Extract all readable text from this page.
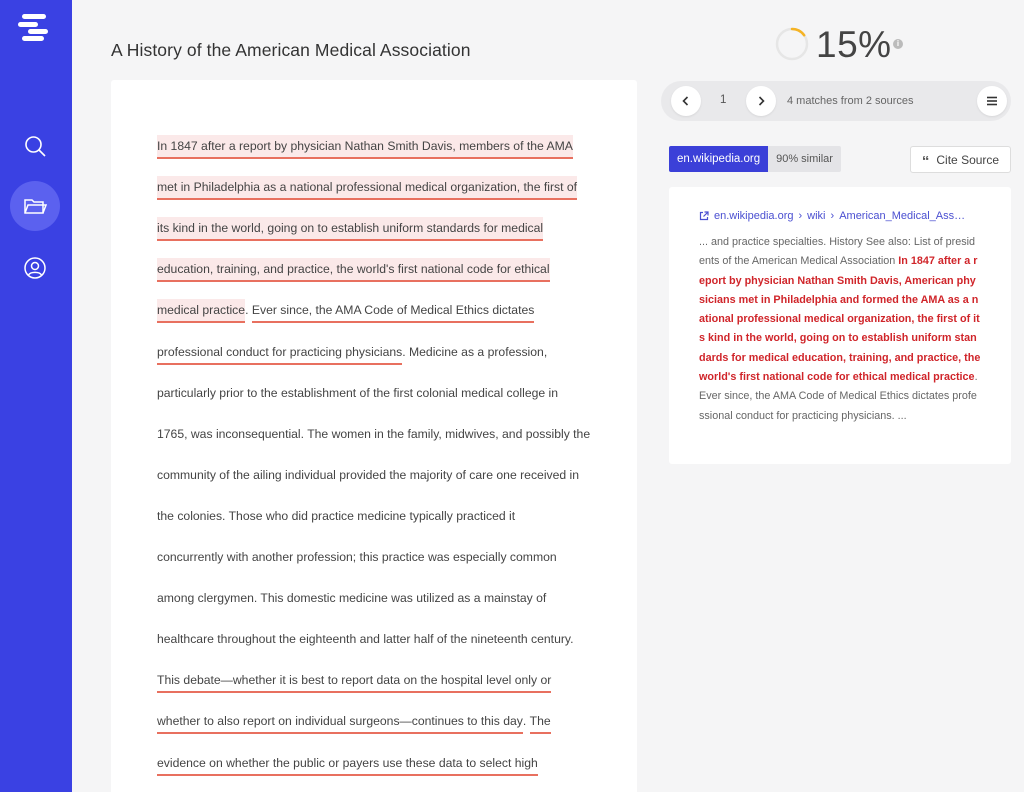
A History of the American Medical Association
In 1847 after a report by physician Nathan Smith Davis, members of the AMA
met in Philadelphia as a national professional medical organization, the first of
its kind in the world, going on to establish uniform standards for medical
education, training, and practice, the world's first national code for ethical
medical practice. Ever since, the AMA Code of Medical Ethics dictates
professional conduct for practicing physicians. Medicine as a profession,
particularly prior to the establishment of the first colonial medical college in
1765, was inconsequential. The women in the family, midwives, and possibly the
community of the ailing individual provided the majority of care one received in
the colonies. Those who did practice medicine typically practiced it
concurrently with another profession; this practice was especially common
among clergymen. This domestic medicine was utilized as a mainstay of
healthcare throughout the eighteenth and latter half of the nineteenth century.
This debate—whether it is best to report data on the hospital level only or
whether to also report on individual surgeons—continues to this day. The
evidence on whether the public or payers use these data to select high
15% i
1	4 matches from 2 sources
en.wikipedia.org	90% similar	“ Cite Source
en.wikipedia.org › wiki › American_Medical_Ass…
... and practice specialties. History See also: List of presidents of the American Medical Association In 1847 after a report by physician Nathan Smith Davis, American physicians met in Philadelphia and formed the AMA as a national professional medical organization, the first of its kind in the world, going on to establish uniform standards for medical education, training, and practice, the world's first national code for ethical medical practice. Ever since, the AMA Code of Medical Ethics dictates professional conduct for practicing physicians. ...
